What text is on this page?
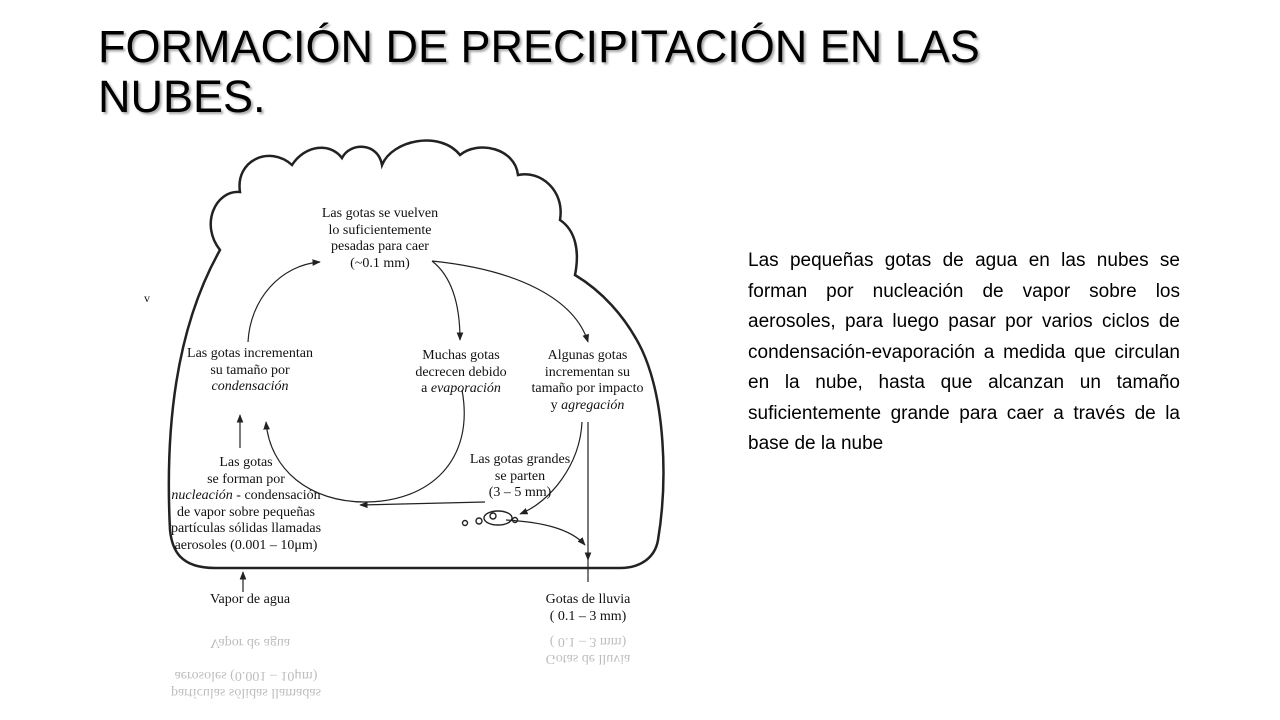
FORMACIÓN DE PRECIPITACIÓN EN LAS
NUBES.
Las gotas se vuelven
lo suficientemente
pesadas para caer
(~0.1 mm)
Las gotas incrementan
su tamaño por
condensación
Muchas gotas
decrecen debido
a evaporación
Algunas gotas
incrementan su
tamaño por impacto
y agregación
Las gotas
se forman por
nucleación - condensación
de vapor sobre pequeñas
partículas sólidas llamadas
aerosoles (0.001 – 10μm)
Las gotas grandes
se parten
(3 – 5 mm)
Vapor de agua	Gotas de lluvia
( 0.1 – 3 mm)
v
Vapor de agua
Gotas de lluvia
( 0.1 – 3 mm)
partículas sólidas llamadas
aerosoles (0.001 – 10μm)

Las pequeñas gotas de agua en las nubes se forman por nucleación de vapor sobre los aerosoles, para luego pasar por varios ciclos de condensación-evaporación a medida que circulan en la nube, hasta que alcanzan un tamaño suficientemente grande para caer a través de la base de la nube
